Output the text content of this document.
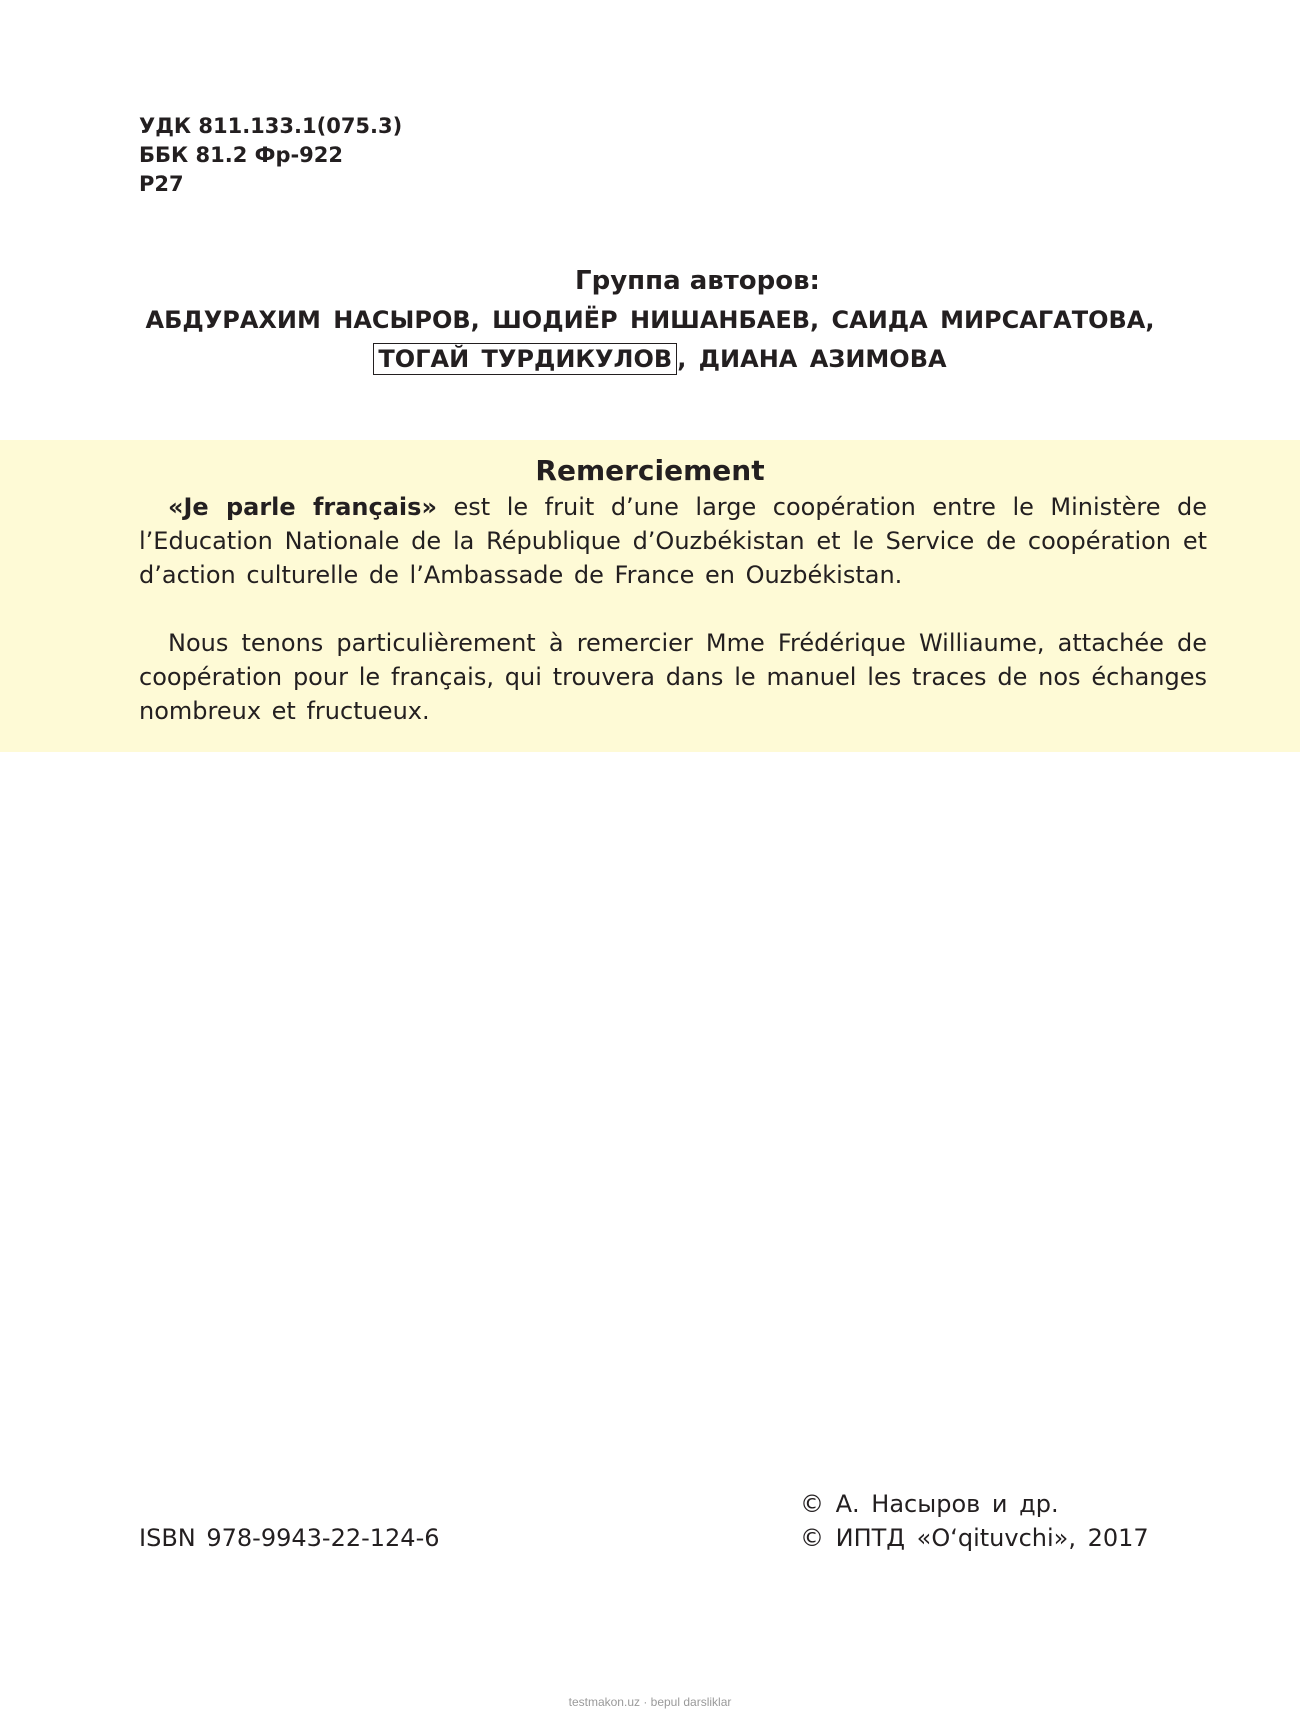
УДК 811.133.1(075.3)
ББК 81.2 Фр-922
Р27
Группа авторов:
АБДУРАХИМ НАСЫРОВ, ШОДИЁР НИШАНБАЕВ, САИДА МИРСАГАТОВА,
ТОГАЙ ТУРДИКУЛОВ , ДИАНА АЗИМОВА
Remerciement

«Je parle français» est le fruit d’une large coopération entre le Ministère de l’Education Nationale de la République d’Ouzbékistan et le Service de coopération et d’action culturelle de l’Ambassade de France en Ouzbékistan.

Nous tenons particulièrement à remercier Mme Frédérique Williaume, attachée de coopération pour le français, qui trouvera dans le manuel les traces de nos échanges nombreux et fructueux.

ISBN 978-9943-22-124-6
© А. Насыров и др.
© ИПТД «O‘qituvchi», 2017
testmakon.uz · bepul darsliklar
